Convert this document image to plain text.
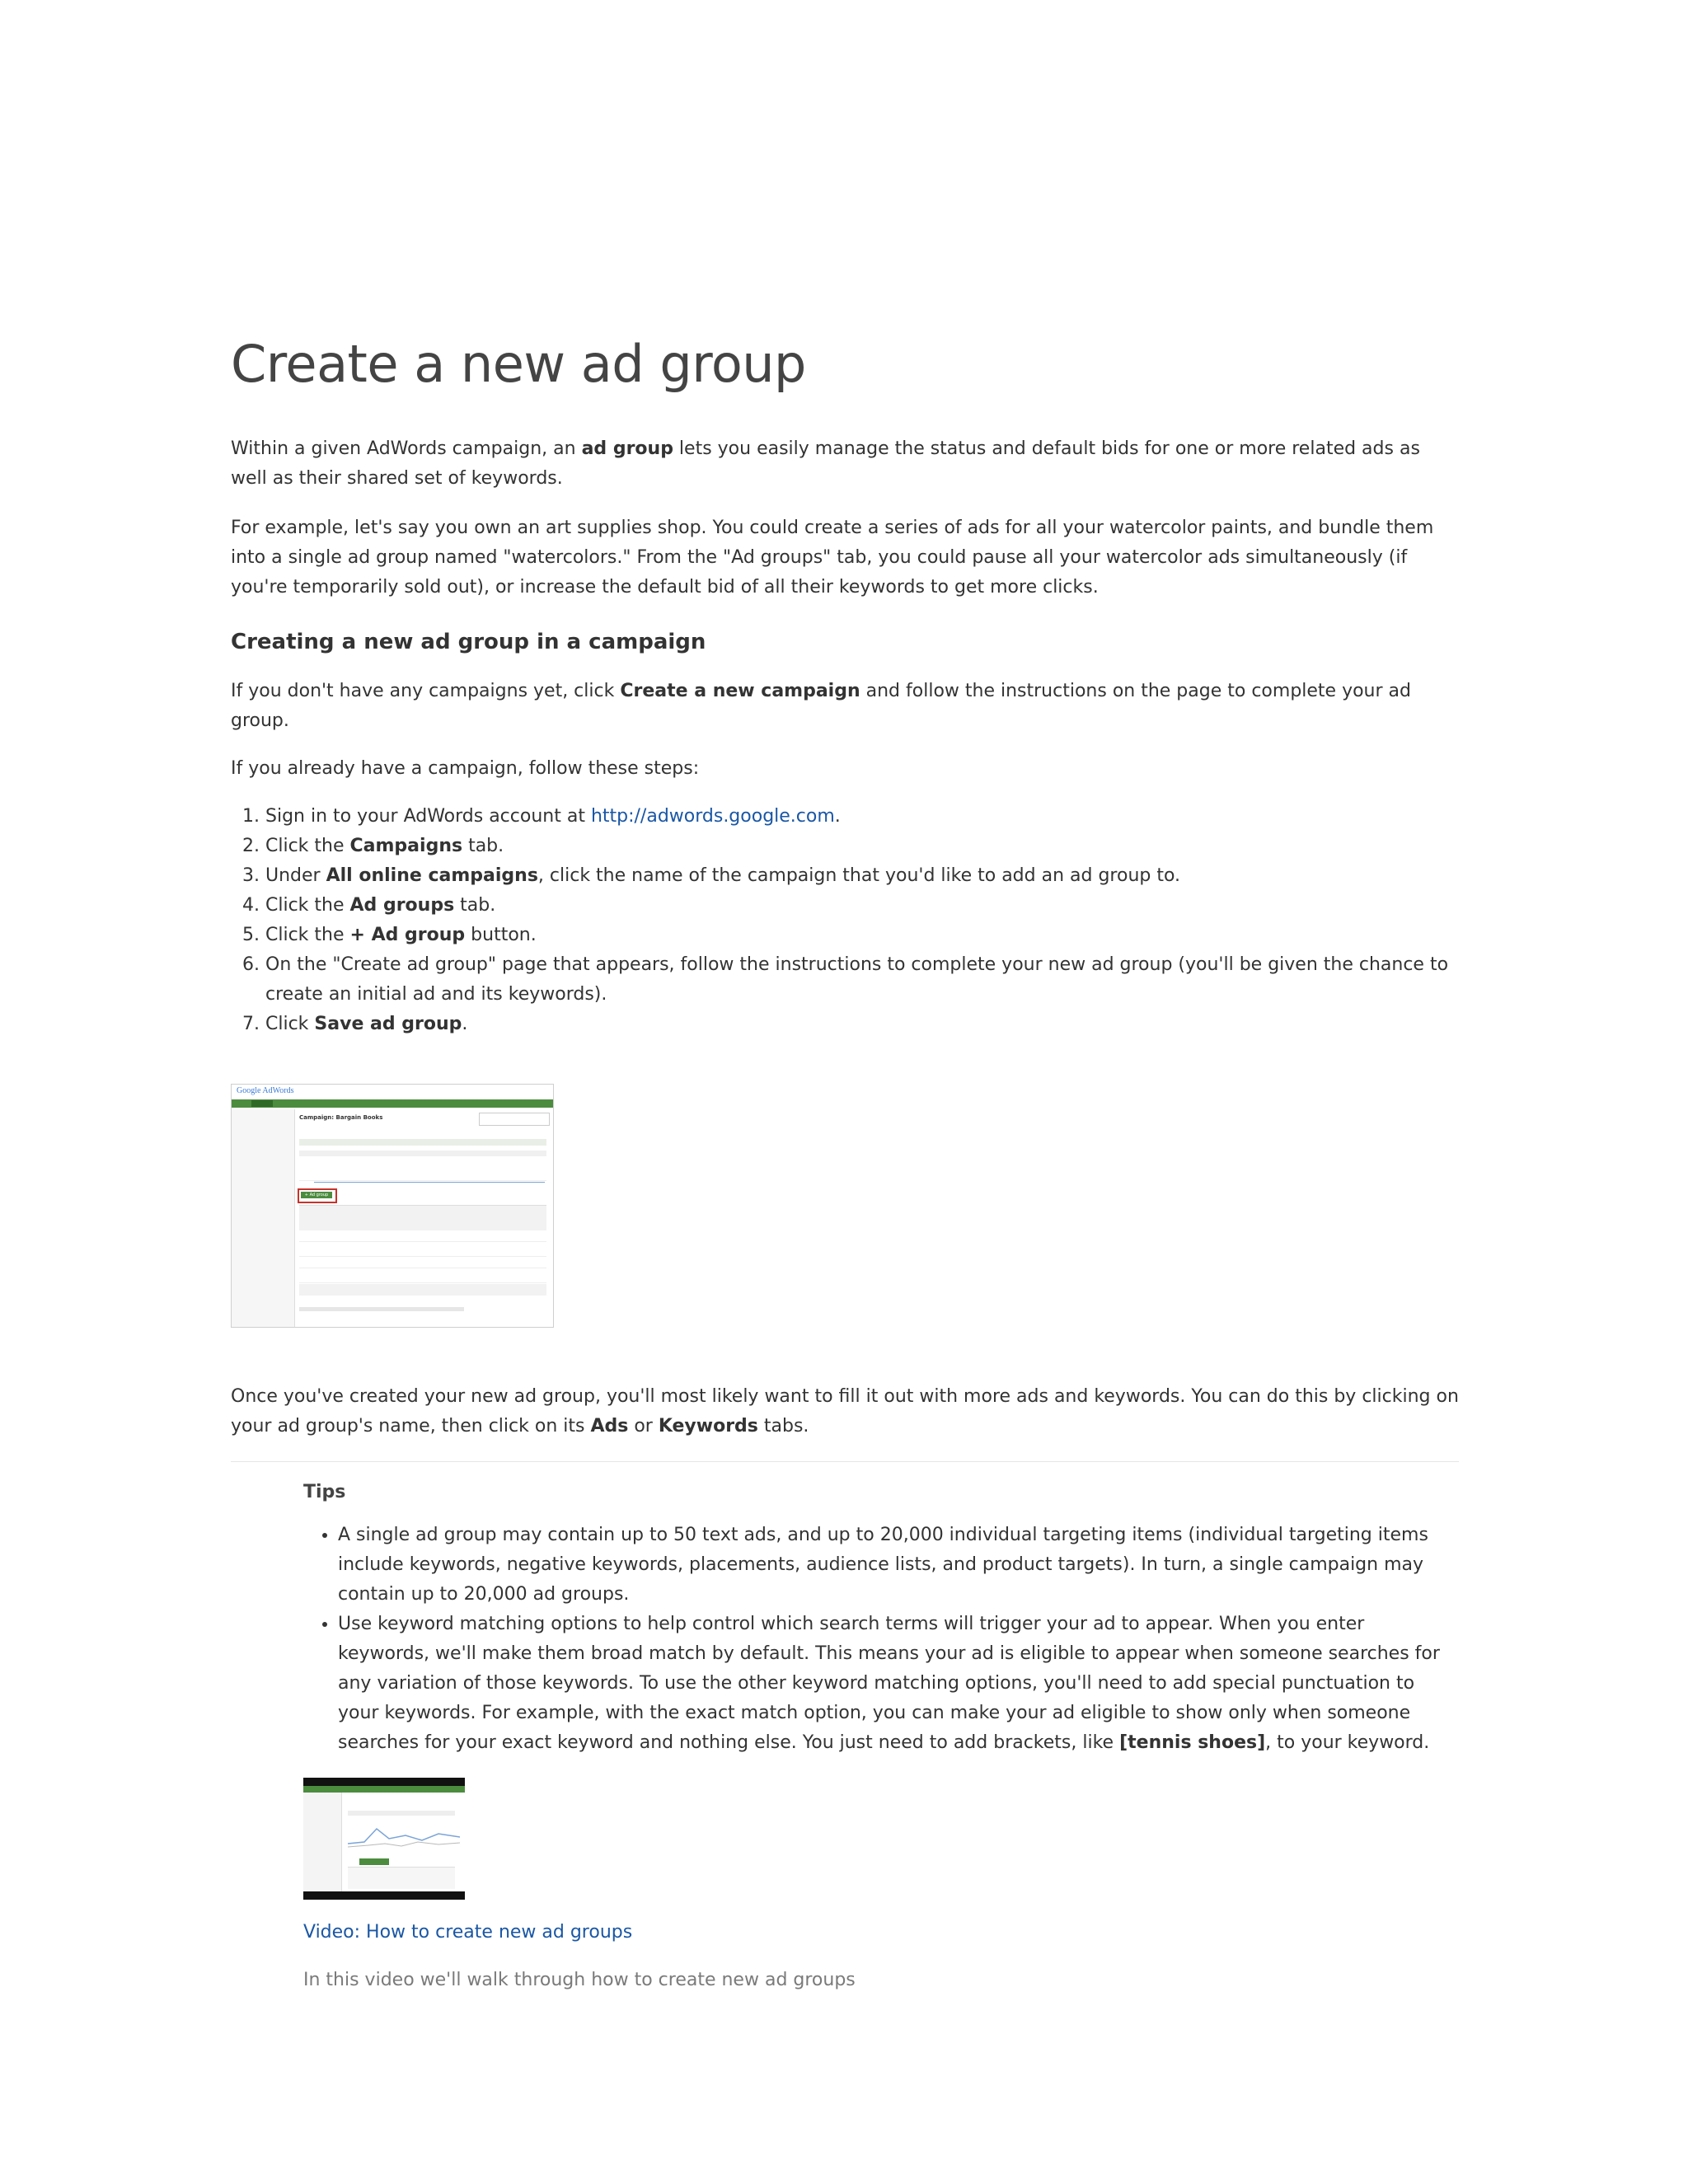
Create a new ad group

Within a given AdWords campaign, an ad group lets you easily manage the status and default bids for one or more related ads as well as their shared set of keywords.

For example, let's say you own an art supplies shop. You could create a series of ads for all your watercolor paints, and bundle them into a single ad group named "watercolors." From the "Ad groups" tab, you could pause all your watercolor ads simultaneously (if you're temporarily sold out), or increase the default bid of all their keywords to get more clicks.

Creating a new ad group in a campaign

If you don't have any campaigns yet, click Create a new campaign and follow the instructions on the page to complete your ad group.

If you already have a campaign, follow these steps:

1. Sign in to your AdWords account at http://adwords.google.com.
2. Click the Campaigns tab.
3. Under All online campaigns, click the name of the campaign that you'd like to add an ad group to.
4. Click the Ad groups tab.
5. Click the + Ad group button.
6. On the "Create ad group" page that appears, follow the instructions to complete your new ad group (you'll be given the chance to create an initial ad and its keywords).
7. Click Save ad group.
Google AdWords
Campaign: Bargain Books
+ Ad group

Once you've created your new ad group, you'll most likely want to fill it out with more ads and keywords. You can do this by clicking on your ad group's name, then click on its Ads or Keywords tabs.

Tips
• A single ad group may contain up to 50 text ads, and up to 20,000 individual targeting items (individual targeting items include keywords, negative keywords, placements, audience lists, and product targets). In turn, a single campaign may contain up to 20,000 ad groups.
• Use keyword matching options to help control which search terms will trigger your ad to appear. When you enter keywords, we'll make them broad match by default. This means your ad is eligible to appear when someone searches for any variation of those keywords. To use the other keyword matching options, you'll need to add special punctuation to your keywords. For example, with the exact match option, you can make your ad eligible to show only when someone searches for your exact keyword and nothing else. You just need to add brackets, like [tennis shoes], to your keyword.

Video: How to create new ad groups

In this video we'll walk through how to create new ad groups
